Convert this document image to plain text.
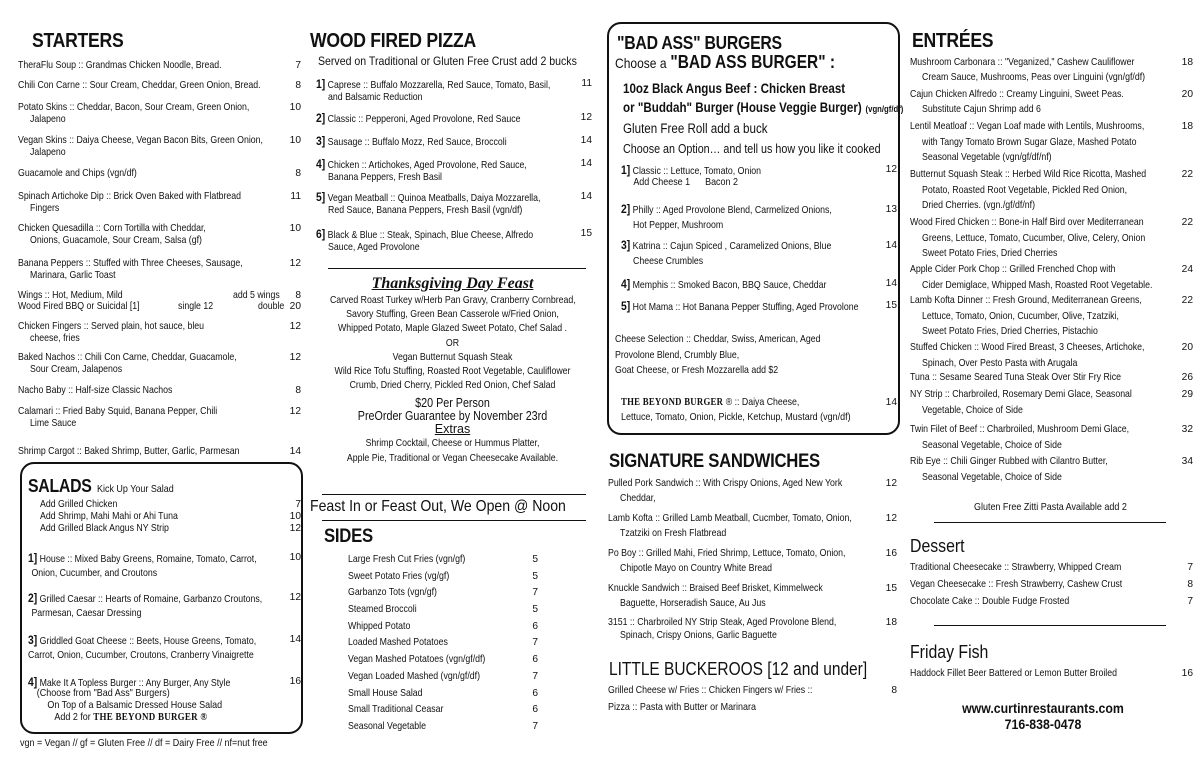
STARTERS
TheraFlu Soup :: Grandmas Chicken Noodle, Bread.	7
Chili Con Carne :: Sour Cream, Cheddar, Green Onion, Bread.	8
Potato Skins :: Cheddar, Bacon, Sour Cream, Green Onion,	10
Jalapeno
Vegan Skins :: Daiya Cheese, Vegan Bacon Bits, Green Onion,	10
Jalapeno
Guacamole and Chips (vgn/df)	8
Spinach Artichoke Dip :: Brick Oven Baked with Flatbread	11
Fingers
Chicken Quesadilla :: Corn Tortilla with Cheddar,	10
Onions, Guacamole, Sour Cream, Salsa (gf)
Banana Peppers :: Stuffed with Three Cheeses, Sausage,	12
Marinara, Garlic Toast
Wings :: Hot, Medium, Mild	add 5 wings 8
Wood Fired BBQ or Suicidal [1]	single 12	double 20
Chicken Fingers :: Served plain, hot sauce, bleu	12
cheese, fries
Baked Nachos :: Chili Con Carne, Cheddar, Guacamole,	12
Sour Cream, Jalapenos
Nacho Baby :: Half-size Classic Nachos	8
Calamari :: Fried Baby Squid, Banana Pepper, Chili	12
Lime Sauce
Shrimp Cargot :: Baked Shrimp, Butter, Garlic, Parmesan	14
SALADS Kick Up Your Salad
Add Grilled Chicken	7
Add Shrimp, Mahi Mahi or Ahi Tuna	10
Add Grilled Black Angus NY Strip	12
1] House :: Mixed Baby Greens, Romaine, Tomato, Carrot,	10
Onion, Cucumber, and Croutons
2] Grilled Caesar :: Hearts of Romaine, Garbanzo Croutons,	12
Parmesan, Caesar Dressing
3] Griddled Goat Cheese :: Beets, House Greens, Tomato,	14
Carrot, Onion, Cucumber, Croutons, Cranberry Vinaigrette
4] Make It A Topless Burger :: Any Burger, Any Style	16
(Choose from "Bad Ass" Burgers)
On Top of a Balsamic Dressed House Salad
Add 2 for THE BEYOND BURGER ®
vgn = Vegan // gf = Gluten Free // df = Dairy Free // nf=nut free
WOOD FIRED PIZZA
Served on Traditional or Gluten Free Crust add 2 bucks
1] Caprese :: Buffalo Mozzarella, Red Sauce, Tomato, Basil,	11
and Balsamic Reduction
2] Classic :: Pepperoni, Aged Provolone, Red Sauce	12
3] Sausage :: Buffalo Mozz, Red Sauce, Broccoli	14
4] Chicken :: Artichokes, Aged Provolone, Red Sauce,	14
Banana Peppers, Fresh Basil
5] Vegan Meatball :: Quinoa Meatballs, Daiya Mozzarella,	14
Red Sauce, Banana Peppers, Fresh Basil (vgn/df)
6] Black & Blue :: Steak, Spinach, Blue Cheese, Alfredo	15
Sauce, Aged Provolone
Thanksgiving Day Feast
Carved Roast Turkey w/Herb Pan Gravy, Cranberry Cornbread,
Savory Stuffing, Green Bean Casserole w/Fried Onion,
Whipped Potato, Maple Glazed Sweet Potato, Chef Salad .
OR
Vegan Butternut Squash Steak
Wild Rice Tofu Stuffing, Roasted Root Vegetable, Cauliflower
Crumb, Dried Cherry, Pickled Red Onion, Chef Salad
$20 Per Person
PreOrder Guarantee by November 23rd
Extras
Shrimp Cocktail, Cheese or Hummus Platter,
Apple Pie, Traditional or Vegan Cheesecake Available.
Feast In or Feast Out, We Open @ Noon
SIDES
Large Fresh Cut Fries (vgn/gf)	5
Sweet Potato Fries (vg/gf)	5
Garbanzo Tots (vgn/gf)	7
Steamed Broccoli	5
Whipped Potato	6
Loaded Mashed Potatoes	7
Vegan Mashed Potatoes (vgn/gf/df)	6
Vegan Loaded Mashed (vgn/gf/df)	7
Small House Salad	6
Small Traditional Ceasar	6
Seasonal Vegetable	7
"BAD ASS" BURGERS
Choose a "BAD ASS BURGER" :
10oz Black Angus Beef : Chicken Breast
or "Buddah" Burger (House Veggie Burger) (vgn/gf/df)
Gluten Free Roll add a buck
Choose an Option… and tell us how you like it cooked
1] Classic :: Lettuce, Tomato, Onion	12
Add Cheese 1 Bacon 2
2] Philly :: Aged Provolone Blend, Carmelized Onions,	13
Hot Pepper, Mushroom
3] Katrina :: Cajun Spiced , Caramelized Onions, Blue	14
Cheese Crumbles
4] Memphis :: Smoked Bacon, BBQ Sauce, Cheddar	14
5] Hot Mama :: Hot Banana Pepper Stuffing, Aged Provolone	15
Cheese Selection :: Cheddar, Swiss, American, Aged
Provolone Blend, Crumbly Blue,
Goat Cheese, or Fresh Mozzarella add $2
THE BEYOND BURGER ® :: Daiya Cheese,	14
Lettuce, Tomato, Onion, Pickle, Ketchup, Mustard (vgn/df)
SIGNATURE SANDWICHES
Pulled Pork Sandwich :: With Crispy Onions, Aged New York	12
Cheddar,
Lamb Kofta :: Grilled Lamb Meatball, Cucmber, Tomato, Onion,	12
Tzatziki on Fresh Flatbread
Po Boy :: Grilled Mahi, Fried Shrimp, Lettuce, Tomato, Onion,	16
Chipotle Mayo on Country White Bread
Knuckle Sandwich :: Braised Beef Brisket, Kimmelweck	15
Baguette, Horseradish Sauce, Au Jus
3151 :: Charbroiled NY Strip Steak, Aged Provolone Blend,	18
Spinach, Crispy Onions, Garlic Baguette
LITTLE BUCKEROOS [12 and under]
Grilled Cheese w/ Fries :: Chicken Fingers w/ Fries ::	8
Pizza :: Pasta with Butter or Marinara
ENTRÉES
Mushroom Carbonara :: "Veganized," Cashew Cauliflower	18
Cream Sauce, Mushrooms, Peas over Linguini (vgn/gf/df)
Cajun Chicken Alfredo :: Creamy Linguini, Sweet Peas.	20
Substitute Cajun Shrimp add 6
Lentil Meatloaf :: Vegan Loaf made with Lentils, Mushrooms,	18
with Tangy Tomato Brown Sugar Glaze, Mashed Potato
Seasonal Vegetable (vgn/gf/df/nf)
Butternut Squash Steak :: Herbed Wild Rice Ricotta, Mashed	22
Potato, Roasted Root Vegetable, Pickled Red Onion,
Dried Cherries. (vgn./gf/df/nf)
Wood Fired Chicken :: Bone-in Half Bird over Mediterranean	22
Greens, Lettuce, Tomato, Cucumber, Olive, Celery, Onion
Sweet Potato Fries, Dried Cherries
Apple Cider Pork Chop :: Grilled Frenched Chop with	24
Cider Demiglace, Whipped Mash, Roasted Root Vegetable.
Lamb Kofta Dinner :: Fresh Ground, Mediterranean Greens,	22
Lettuce, Tomato, Onion, Cucumber, Olive, Tzatziki,
Sweet Potato Fries, Dried Cherries, Pistachio
Stuffed Chicken :: Wood Fired Breast, 3 Cheeses, Artichoke,	20
Spinach, Over Pesto Pasta with Arugala
Tuna :: Sesame Seared Tuna Steak Over Stir Fry Rice	26
NY Strip :: Charbroiled, Rosemary Demi Glace, Seasonal	29
Vegetable, Choice of Side
Twin Filet of Beef :: Charbroiled, Mushroom Demi Glace,	32
Seasonal Vegetable, Choice of Side
Rib Eye :: Chili Ginger Rubbed with Cilantro Butter,	34
Seasonal Vegetable, Choice of Side
Gluten Free Zitti Pasta Available add 2
Dessert
Traditional Cheesecake :: Strawberry, Whipped Cream	7
Vegan Cheesecake :: Fresh Strawberry, Cashew Crust	8
Chocolate Cake :: Double Fudge Frosted	7
Friday Fish
Haddock Fillet Beer Battered or Lemon Butter Broiled	16
www.curtinrestaurants.com
716-838-0478
